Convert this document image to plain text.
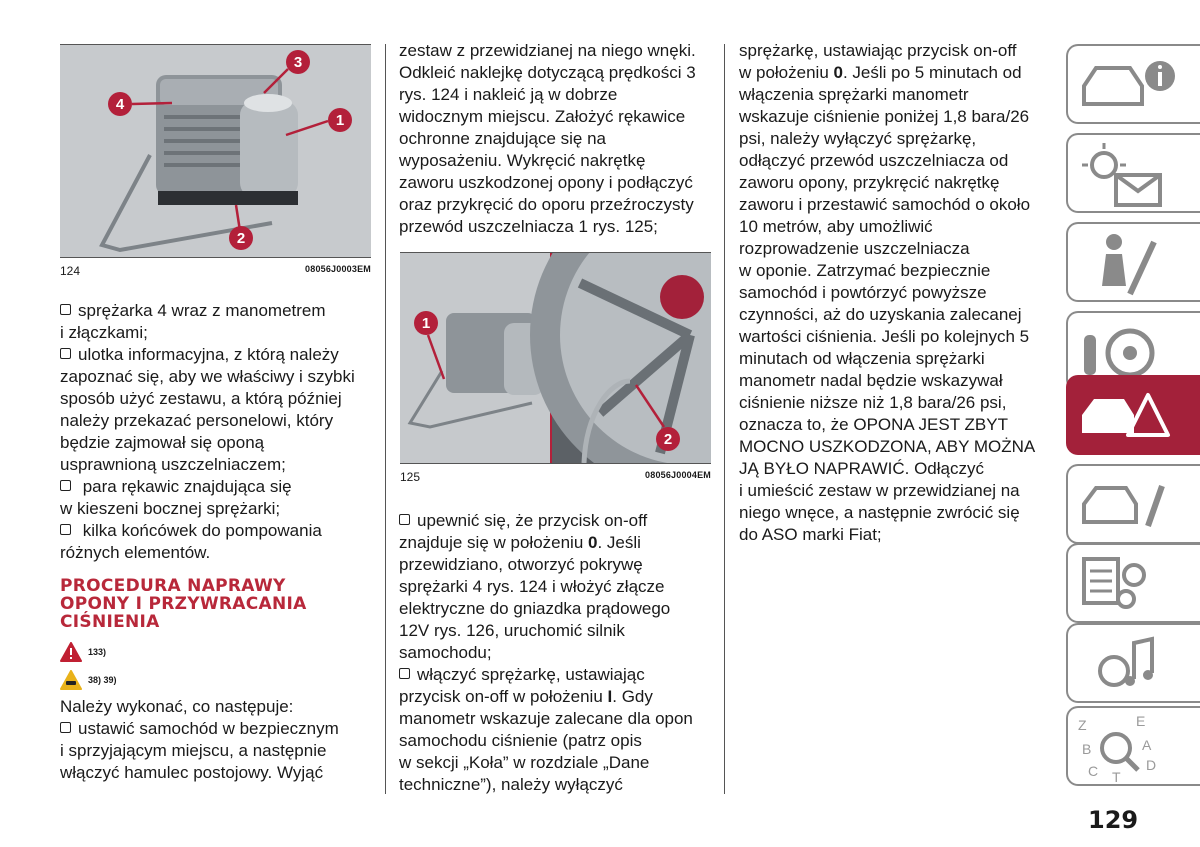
4
3
1
2
124	08056J0003EM

sprężarka 4 wraz z manometrem

i złączkami;

ulotka informacyjna, z którą należy

zapoznać się, aby we właściwy i szybki

sposób użyć zestawu, a którą później

należy przekazać personelowi, który

będzie zajmował się oponą

usprawnioną uszczelniaczem;

para rękawic znajdująca się

w kieszeni bocznej sprężarki;

kilka końcówek do pompowania

różnych elementów.

PROCEDURA NAPRAWY
OPONY I PRZYWRACANIA
CIŚNIENIA
133)
38) 39)

Należy wykonać, co następuje:

ustawić samochód w bezpiecznym

i sprzyjającym miejscu, a następnie

włączyć hamulec postojowy. Wyjąć

zestaw z przewidzianej na niego wnęki.

Odkleić naklejkę dotyczącą prędkości 3

rys. 124 i nakleić ją w dobrze

widocznym miejscu. Założyć rękawice

ochronne znajdujące się na

wyposażeniu. Wykręcić nakrętkę

zaworu uszkodzonej opony i podłączyć

oraz przykręcić do oporu przeźroczysty

przewód uszczelniacza 1 rys. 125;

1
2
125	08056J0004EM

upewnić się, że przycisk on-off

znajduje się w położeniu 0. Jeśli

przewidziano, otworzyć pokrywę

sprężarki 4 rys. 124 i włożyć złącze

elektryczne do gniazdka prądowego

12V rys. 126, uruchomić silnik

samochodu;

włączyć sprężarkę, ustawiając

przycisk on-off w położeniu I. Gdy

manometr wskazuje zalecane dla opon

samochodu ciśnienie (patrz opis

w sekcji „Koła” w rozdziale „Dane

techniczne”), należy wyłączyć

sprężarkę, ustawiając przycisk on-off

w położeniu 0. Jeśli po 5 minutach od

włączenia sprężarki manometr

wskazuje ciśnienie poniżej 1,8 bara/26

psi, należy wyłączyć sprężarkę,

odłączyć przewód uszczelniacza od

zaworu opony, przykręcić nakrętkę

zaworu i przestawić samochód o około

10 metrów, aby umożliwić

rozprowadzenie uszczelniacza

w oponie. Zatrzymać bezpiecznie

samochód i powtórzyć powyższe

czynności, aż do uzyskania zalecanej

wartości ciśnienia. Jeśli po kolejnych 5

minutach od włączenia sprężarki

manometr nadal będzie wskazywał

ciśnienie niższe niż 1,8 bara/26 psi,

oznacza to, że OPONA JEST ZBYT

MOCNO USZKODZONA, ABY MOŻNA

JĄ BYŁO NAPRAWIĆ. Odłączyć

i umieścić zestaw w przewidzianej na

niego wnęce, a następnie zwrócić się

do ASO marki Fiat;

Z	E
B	A
C T
D
129
